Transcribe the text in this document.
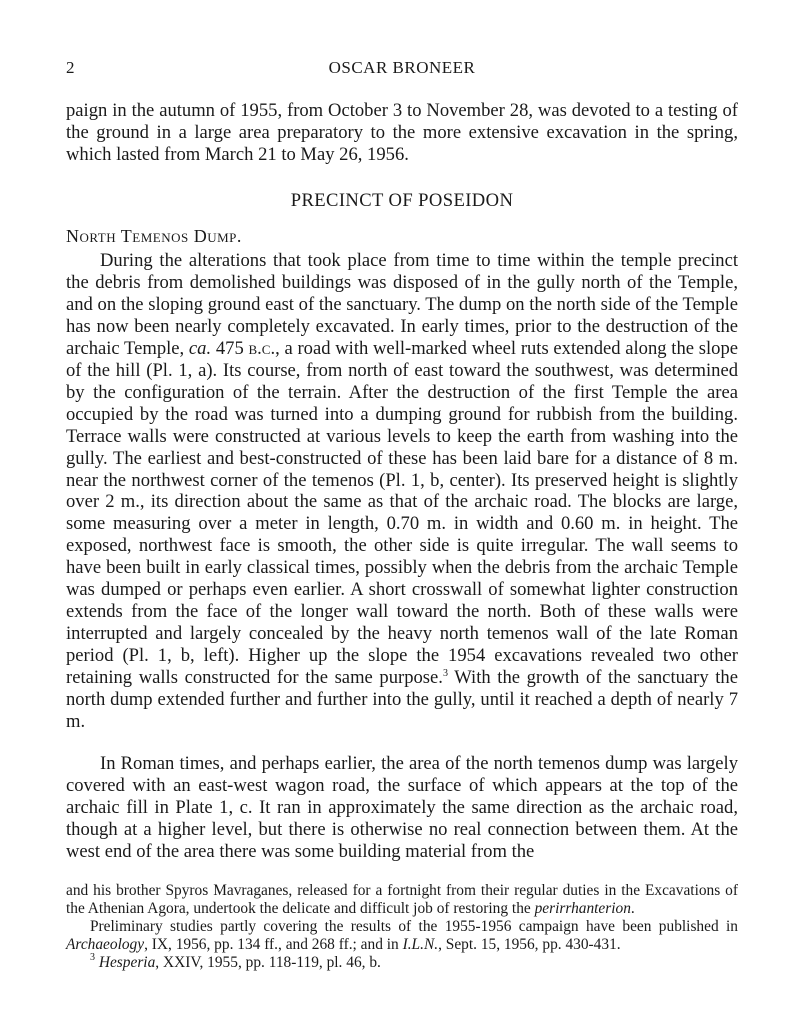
2	OSCAR BRONEER

paign in the autumn of 1955, from October 3 to November 28, was devoted to a testing of the ground in a large area preparatory to the more extensive excavation in the spring, which lasted from March 21 to May 26, 1956.

PRECINCT OF POSEIDON
North Temenos Dump.

During the alterations that took place from time to time within the temple precinct the debris from demolished buildings was disposed of in the gully north of the Temple, and on the sloping ground east of the sanctuary. The dump on the north side of the Temple has now been nearly completely excavated. In early times, prior to the destruction of the archaic Temple, ca. 475 b.c., a road with well-marked wheel ruts extended along the slope of the hill (Pl. 1, a). Its course, from north of east toward the southwest, was determined by the configuration of the terrain. After the destruction of the first Temple the area occupied by the road was turned into a dumping ground for rubbish from the building. Terrace walls were constructed at various levels to keep the earth from washing into the gully. The earliest and best-constructed of these has been laid bare for a distance of 8 m. near the northwest corner of the temenos (Pl. 1, b, center). Its preserved height is slightly over 2 m., its direction about the same as that of the archaic road. The blocks are large, some measuring over a meter in length, 0.70 m. in width and 0.60 m. in height. The exposed, northwest face is smooth, the other side is quite irregular. The wall seems to have been built in early classical times, possibly when the debris from the archaic Temple was dumped or perhaps even earlier. A short crosswall of somewhat lighter construction extends from the face of the longer wall toward the north. Both of these walls were interrupted and largely concealed by the heavy north temenos wall of the late Roman period (Pl. 1, b, left). Higher up the slope the 1954 excavations revealed two other retaining walls constructed for the same purpose.$^3$ With the growth of the sanctuary the north dump extended further and further into the gully, until it reached a depth of nearly 7 m.

In Roman times, and perhaps earlier, the area of the north temenos dump was largely covered with an east-west wagon road, the surface of which appears at the top of the archaic fill in Plate 1, c. It ran in approximately the same direction as the archaic road, though at a higher level, but there is otherwise no real connection between them. At the west end of the area there was some building material from the

and his brother Spyros Mavraganes, released for a fortnight from their regular duties in the Excavations of the Athenian Agora, undertook the delicate and difficult job of restoring the perirrhanterion.

Preliminary studies partly covering the results of the 1955-1956 campaign have been published in Archaeology, IX, 1956, pp. 134 ff., and 268 ff.; and in I.L.N., Sept. 15, 1956, pp. 430-431.

$^3$ Hesperia, XXIV, 1955, pp. 118-119, pl. 46, b.
